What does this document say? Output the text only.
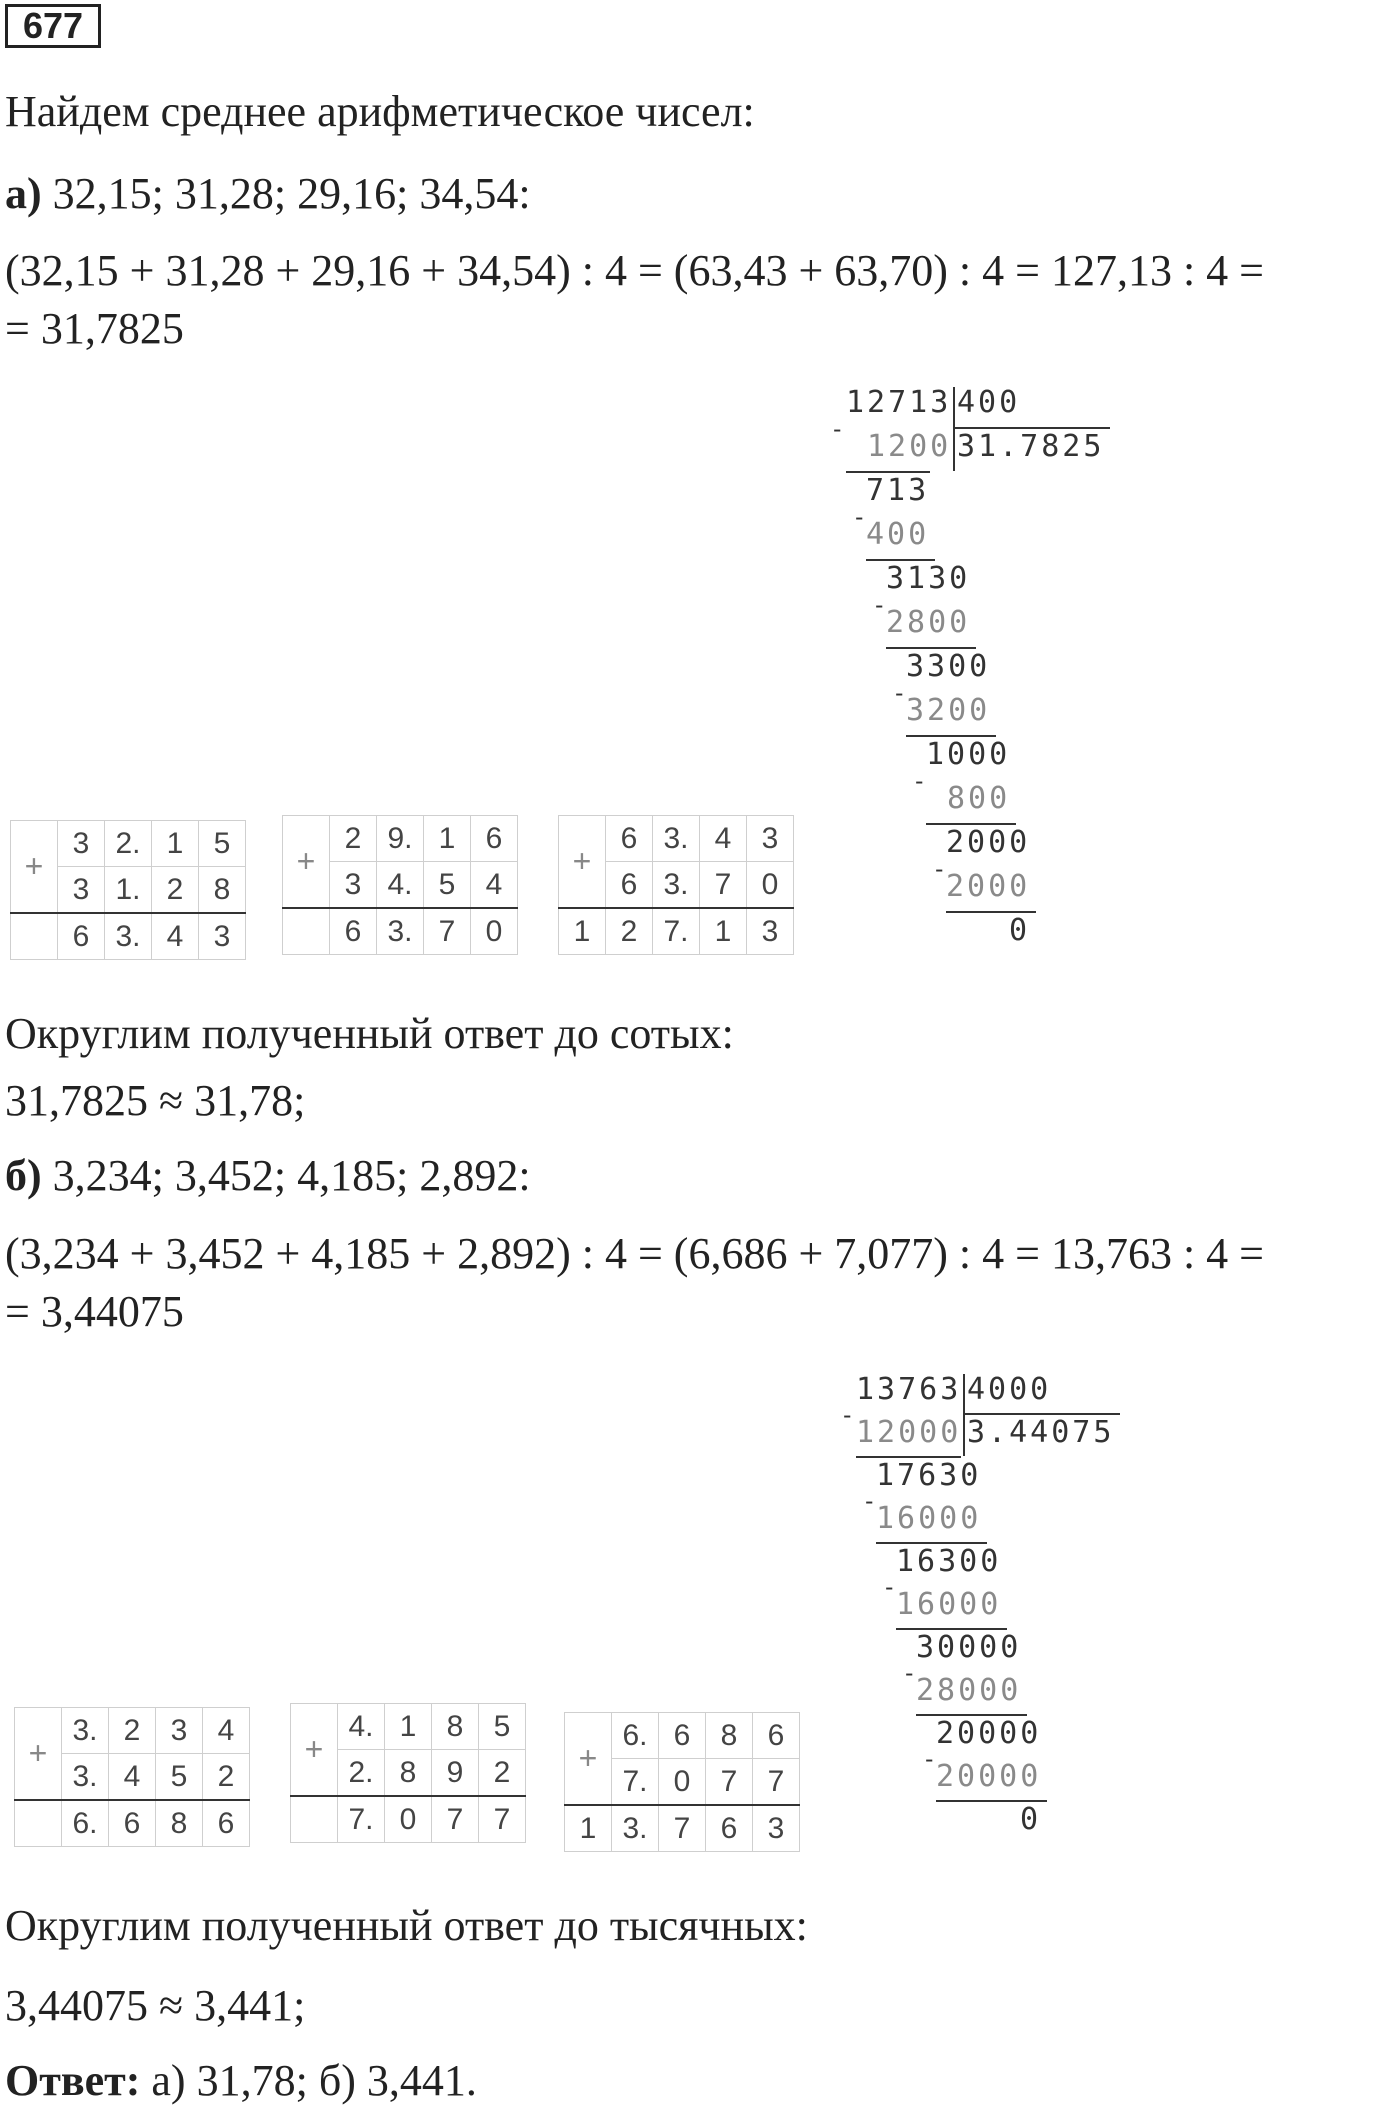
677
Найдем среднее арифметическое чисел:
а) 32,15; 31,28; 29,16; 34,54:
(32,15 + 31,28 + 29,16 + 34,54) : 4 = (63,43 + 63,70) : 4 = 127,13 : 4 =
= 31,7825
12713 400
- 1200 31.7825
713
- 400
3130
- 2800
3300
- 3200
1000
- 800
2000
- 2000
0
+	3	2.	1	5
	3	1.	2	8
	6	3.	4	3
+	2	9.	1	6
	3	4.	5	4
	6	3.	7	0
+	6	3.	4	3
	6	3.	7	0
1	2	7.	1	3
Округлим полученный ответ до сотых:
31,7825 ≈ 31,78;
б) 3,234; 3,452; 4,185; 2,892:
(3,234 + 3,452 + 4,185 + 2,892) : 4 = (6,686 + 7,077) : 4 = 13,763 : 4 =
= 3,44075
13763 4000
- 12000 3.44075
17630
- 16000
16300
- 16000
30000
- 28000
20000
- 20000
0
+	3.	2	3	4
	3.	4	5	2
	6.	6	8	6
+	4.	1	8	5
	2.	8	9	2
	7.	0	7	7
+	6.	6	8	6
	7.	0	7	7
1	3.	7	6	3
Округлим полученный ответ до тысячных:
3,44075 ≈ 3,441;
Ответ: а) 31,78; б) 3,441.
